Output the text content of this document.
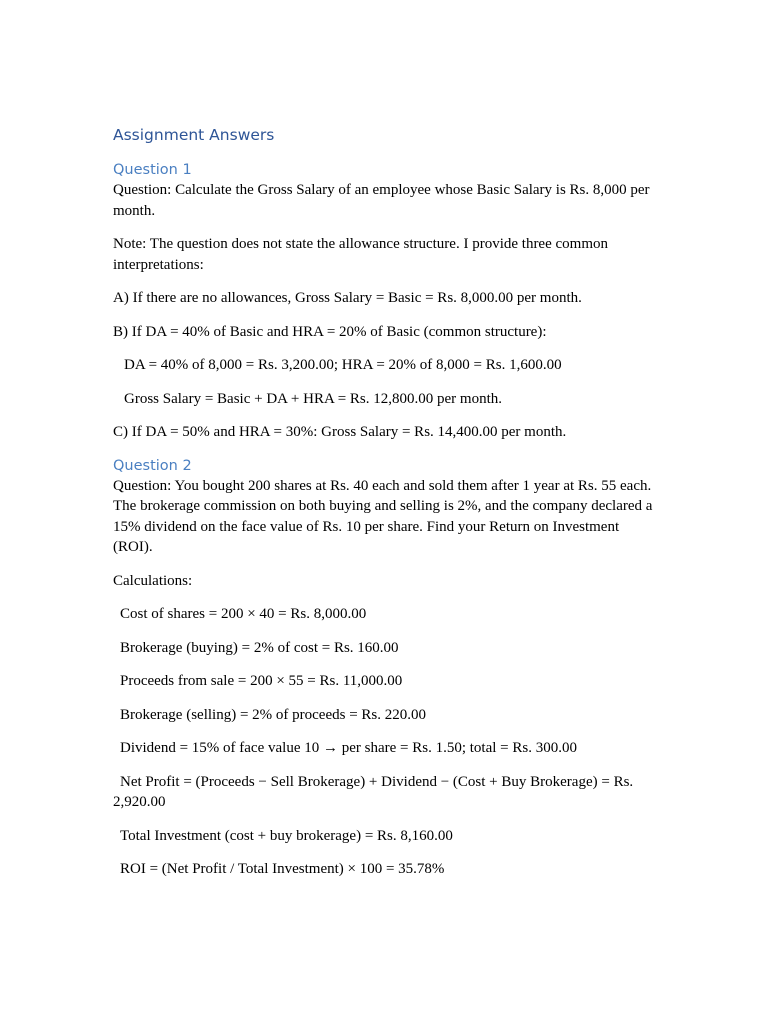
Assignment Answers
Question 1
Question: Calculate the Gross Salary of an employee whose Basic Salary is Rs. 8,000 per month.
Note: The question does not state the allowance structure. I provide three common interpretations:
A) If there are no allowances, Gross Salary = Basic = Rs. 8,000.00 per month.
B) If DA = 40% of Basic and HRA = 20% of Basic (common structure):
DA = 40% of 8,000 = Rs. 3,200.00; HRA = 20% of 8,000 = Rs. 1,600.00
Gross Salary = Basic + DA + HRA = Rs. 12,800.00 per month.
C) If DA = 50% and HRA = 30%: Gross Salary = Rs. 14,400.00 per month.
Question 2
Question: You bought 200 shares at Rs. 40 each and sold them after 1 year at Rs. 55 each. The brokerage commission on both buying and selling is 2%, and the company declared a 15% dividend on the face value of Rs. 10 per share. Find your Return on Investment (ROI).
Calculations:
Cost of shares = 200 × 40 = Rs. 8,000.00
Brokerage (buying) = 2% of cost = Rs. 160.00
Proceeds from sale = 200 × 55 = Rs. 11,000.00
Brokerage (selling) = 2% of proceeds = Rs. 220.00
Dividend = 15% of face value 10 → per share = Rs. 1.50; total = Rs. 300.00
Net Profit = (Proceeds − Sell Brokerage) + Dividend − (Cost + Buy Brokerage) = Rs. 2,920.00
Total Investment (cost + buy brokerage) = Rs. 8,160.00
ROI = (Net Profit / Total Investment) × 100 = 35.78%
